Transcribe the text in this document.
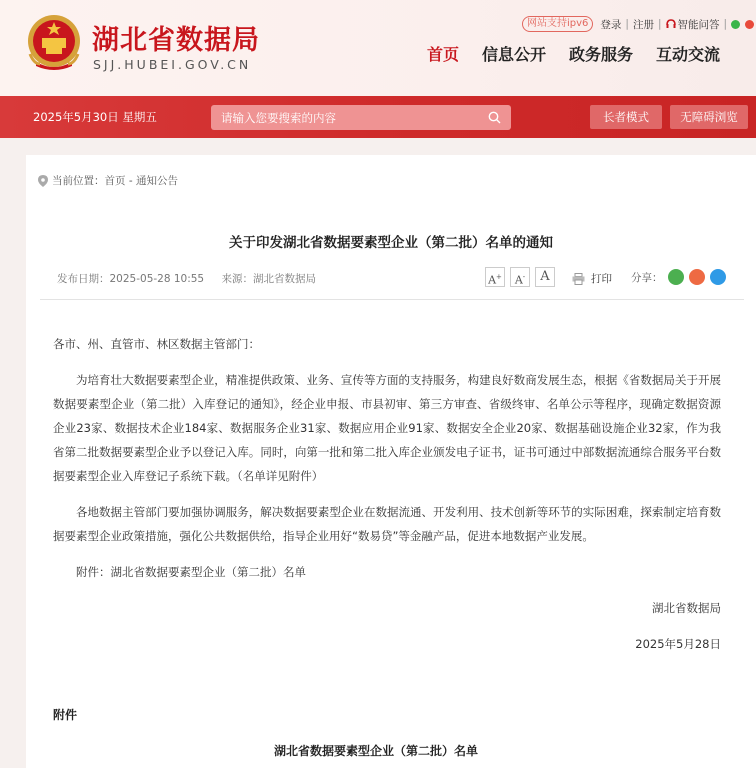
湖北省数据局
SJJ.HUBEI.GOV.CN
网站支持ipv6	登录 | 注册 | 智能问答 |
首页 信息公开 政务服务 互动交流
2025年5月30日 星期五
请输入您要搜索的内容	长者模式	无障碍浏览
当前位置：首页 - 通知公告
关于印发湖北省数据要素型企业（第二批）名单的通知
发布日期：2025-05-28 10:55 来源：湖北省数据局	A+	A-	A	打印 分享：

各市、州、直管市、林区数据主管部门：

为培育壮大数据要素型企业，精准提供政策、业务、宣传等方面的支持服务，构建良好数商发展生态，根据《省数据局关于开展数据要素型企业（第二批）入库登记的通知》，经企业申报、市县初审、第三方审查、省级终审、名单公示等程序，现确定数据资源企业23家、数据技术企业184家、数据服务企业31家、数据应用企业91家、数据安全企业20家、数据基础设施企业32家，作为我省第二批数据要素型企业予以登记入库。同时，向第一批和第二批入库企业颁发电子证书，证书可通过中部数据流通综合服务平台数据要素型企业入库登记子系统下载。（名单详见附件）

各地数据主管部门要加强协调服务，解决数据要素型企业在数据流通、开发利用、技术创新等环节的实际困难，探索制定培育数据要素型企业政策措施，强化公共数据供给，指导企业用好“数易贷”等金融产品，促进本地数据产业发展。

附件：湖北省数据要素型企业（第二批）名单

湖北省数据局

2025年5月28日

附件
湖北省数据要素型企业（第二批）名单
